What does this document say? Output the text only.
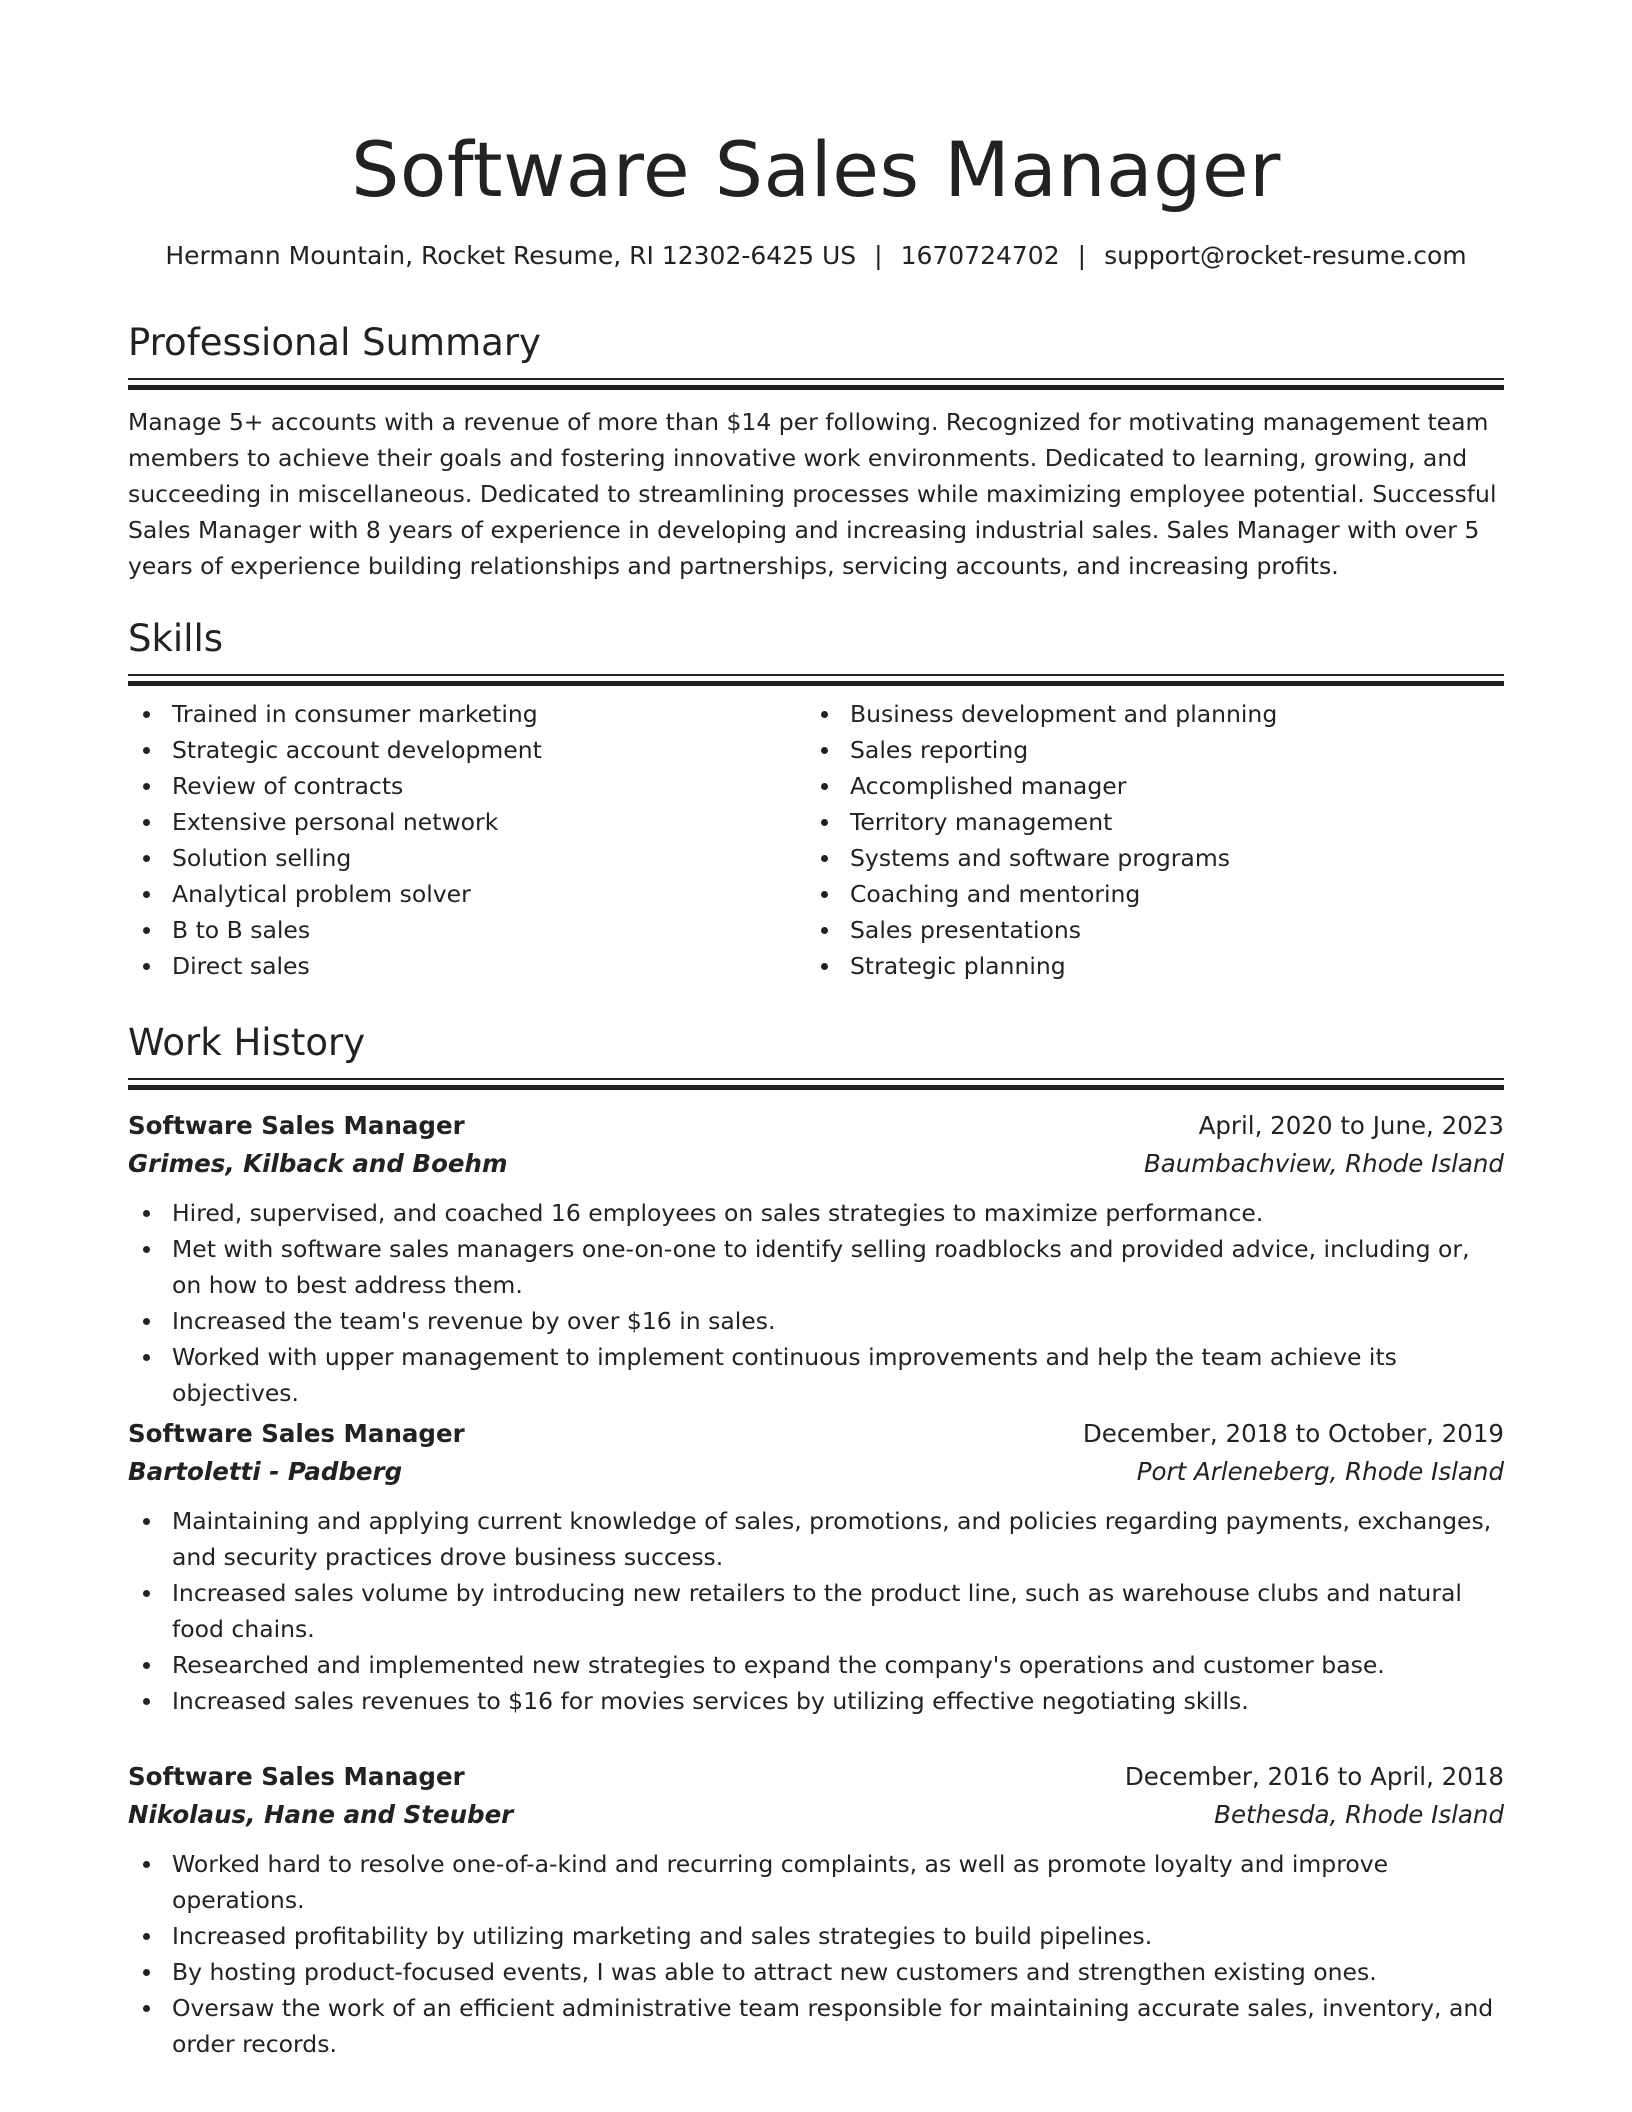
Software Sales Manager
Hermann Mountain, Rocket Resume, RI 12302-6425 US | 1670724702 | support@rocket-resume.com
Professional Summary

Manage 5+ accounts with a revenue of more than $14 per following. Recognized for motivating management team members to achieve their goals and fostering innovative work environments. Dedicated to learning, growing, and succeeding in miscellaneous. Dedicated to streamlining processes while maximizing employee potential. Successful Sales Manager with 8 years of experience in developing and increasing industrial sales. Sales Manager with over 5 years of experience building relationships and partnerships, servicing accounts, and increasing profits.

Skills
Trained in consumer marketing
Strategic account development
Review of contracts
Extensive personal network
Solution selling
Analytical problem solver
B to B sales
Direct sales
Business development and planning
Sales reporting
Accomplished manager
Territory management
Systems and software programs
Coaching and mentoring
Sales presentations
Strategic planning
Work History
Software Sales Manager	April, 2020 to June, 2023
Grimes, Kilback and Boehm	Baumbachview, Rhode Island
Hired, supervised, and coached 16 employees on sales strategies to maximize performance.
Met with software sales managers one-on-one to identify selling roadblocks and provided advice, including or, on how to best address them.
Increased the team's revenue by over $16 in sales.
Worked with upper management to implement continuous improvements and help the team achieve its objectives.
Software Sales Manager	December, 2018 to October, 2019
Bartoletti - Padberg	Port Arleneberg, Rhode Island
Maintaining and applying current knowledge of sales, promotions, and policies regarding payments, exchanges, and security practices drove business success.
Increased sales volume by introducing new retailers to the product line, such as warehouse clubs and natural food chains.
Researched and implemented new strategies to expand the company's operations and customer base.
Increased sales revenues to $16 for movies services by utilizing effective negotiating skills.
Software Sales Manager	December, 2016 to April, 2018
Nikolaus, Hane and Steuber	Bethesda, Rhode Island
Worked hard to resolve one-of-a-kind and recurring complaints, as well as promote loyalty and improve operations.
Increased profitability by utilizing marketing and sales strategies to build pipelines.
By hosting product-focused events, I was able to attract new customers and strengthen existing ones.
Oversaw the work of an efficient administrative team responsible for maintaining accurate sales, inventory, and order records.
